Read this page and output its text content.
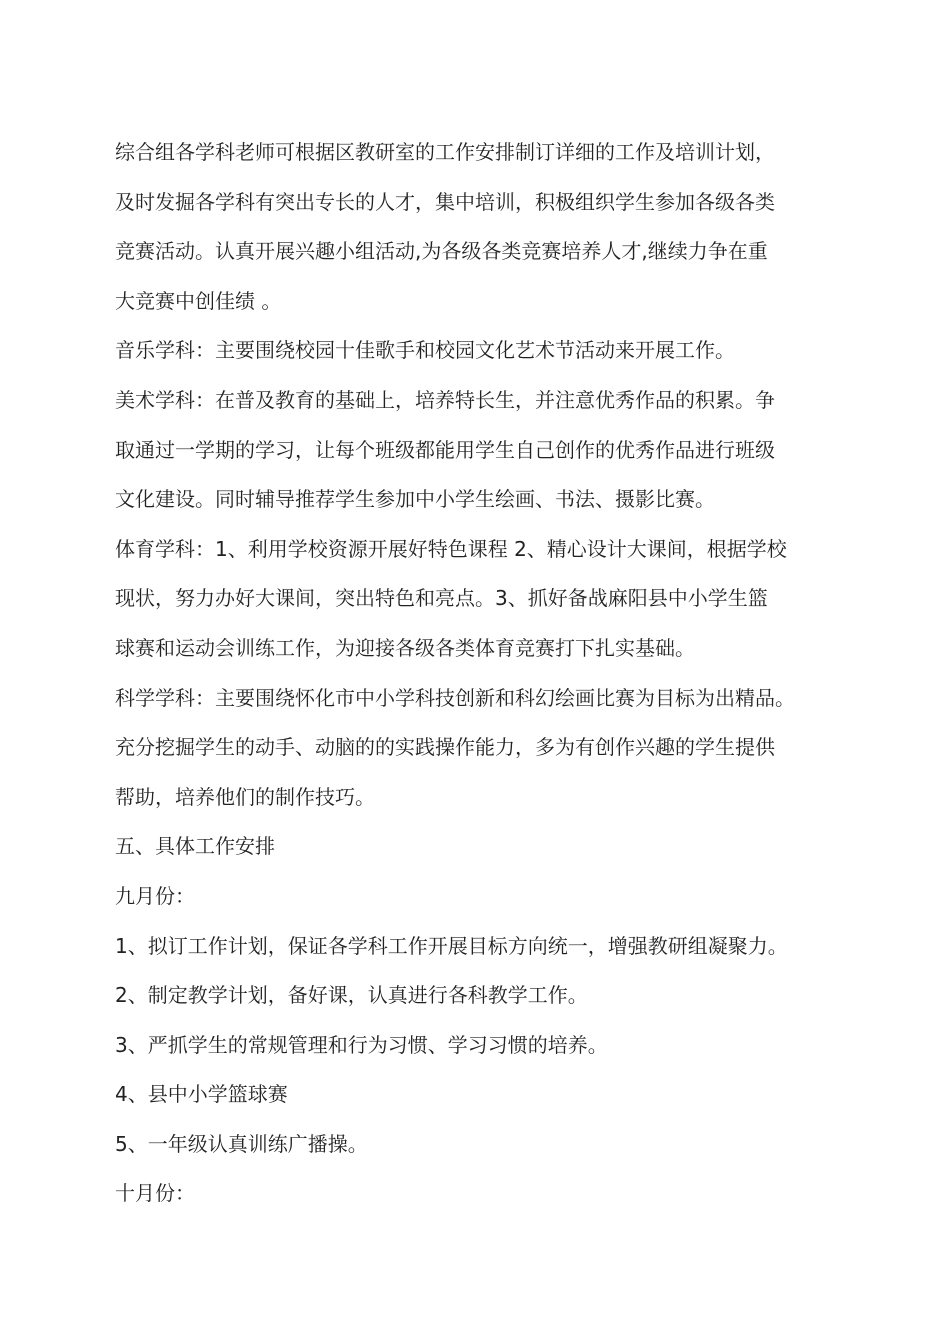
综合组各学科老师可根据区教研室的工作安排制订详细的工作及培训计划，
及时发掘各学科有突出专长的人才，集中培训，积极组织学生参加各级各类
竞赛活动。认真开展兴趣小组活动,为各级各类竞赛培养人才,继续力争在重
大竞赛中创佳绩 。
音乐学科：主要围绕校园十佳歌手和校园文化艺术节活动来开展工作。
美术学科：在普及教育的基础上，培养特长生，并注意优秀作品的积累。争
取通过一学期的学习，让每个班级都能用学生自己创作的优秀作品进行班级
文化建设。同时辅导推荐学生参加中小学生绘画、书法、摄影比赛。
体育学科：1、利用学校资源开展好特色课程 2、精心设计大课间，根据学校
现状，努力办好大课间，突出特色和亮点。3、抓好备战麻阳县中小学生篮
球赛和运动会训练工作，为迎接各级各类体育竞赛打下扎实基础。
科学学科：主要围绕怀化市中小学科技创新和科幻绘画比赛为目标为出精品。
充分挖掘学生的动手、动脑的的实践操作能力，多为有创作兴趣的学生提供
帮助，培养他们的制作技巧。
五、具体工作安排
九月份：
1、拟订工作计划，保证各学科工作开展目标方向统一，增强教研组凝聚力。
2、制定教学计划，备好课，认真进行各科教学工作。
3、严抓学生的常规管理和行为习惯、学习习惯的培养。
4、县中小学篮球赛
5、一年级认真训练广播操。
十月份：
